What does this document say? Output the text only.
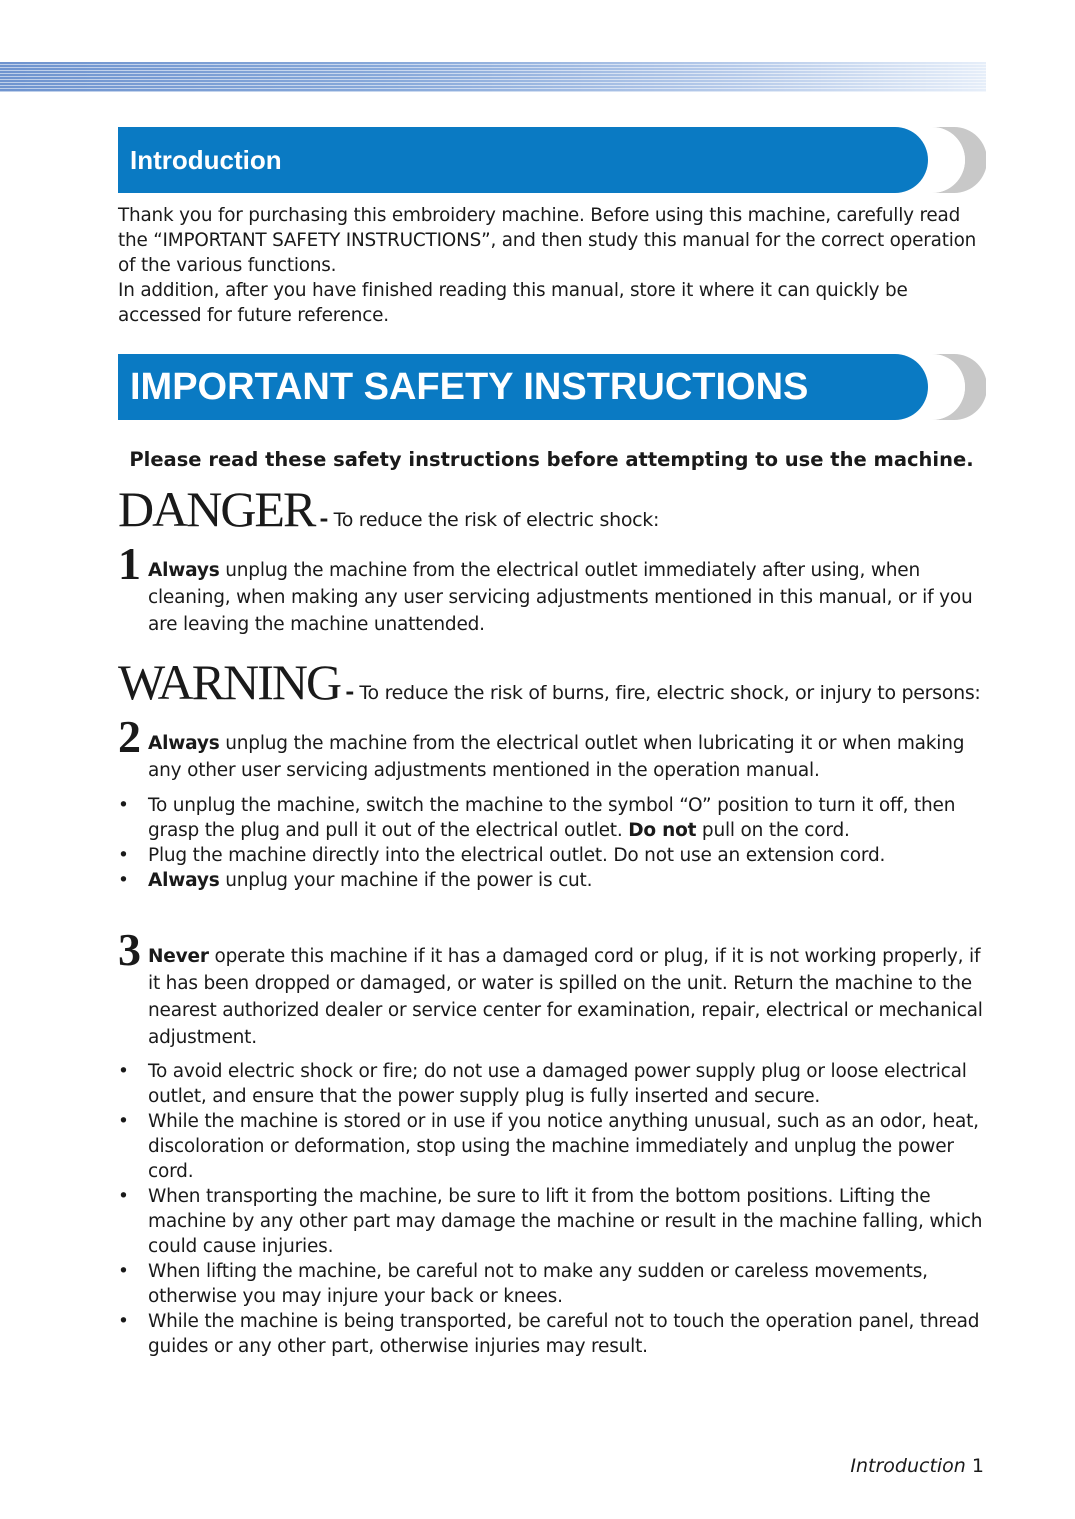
Introduction

Thank you for purchasing this embroidery machine. Before using this machine, carefully read the “IMPORTANT SAFETY INSTRUCTIONS”, and then study this manual for the correct operation of the various functions.

In addition, after you have finished reading this manual, store it where it can quickly be accessed for future reference.

IMPORTANT SAFETY INSTRUCTIONS

Please read these safety instructions before attempting to use the machine.

DANGER - To reduce the risk of electric shock:
1 Always unplug the machine from the electrical outlet immediately after using, when cleaning, when making any user servicing adjustments mentioned in this manual, or if you are leaving the machine unattended.
WARNING - To reduce the risk of burns, fire, electric shock, or injury to persons:
2 Always unplug the machine from the electrical outlet when lubricating it or when making any other user servicing adjustments mentioned in the operation manual.
• To unplug the machine, switch the machine to the symbol “O” position to turn it off, then grasp the plug and pull it out of the electrical outlet. Do not pull on the cord.
• Plug the machine directly into the electrical outlet. Do not use an extension cord.
• Always unplug your machine if the power is cut.
3 Never operate this machine if it has a damaged cord or plug, if it is not working properly, if it has been dropped or damaged, or water is spilled on the unit. Return the machine to the nearest authorized dealer or service center for examination, repair, electrical or mechanical adjustment.
• To avoid electric shock or fire; do not use a damaged power supply plug or loose electrical outlet, and ensure that the power supply plug is fully inserted and secure.
• While the machine is stored or in use if you notice anything unusual, such as an odor, heat, discoloration or deformation, stop using the machine immediately and unplug the power cord.
• When transporting the machine, be sure to lift it from the bottom positions. Lifting the machine by any other part may damage the machine or result in the machine falling, which could cause injuries.
• When lifting the machine, be careful not to make any sudden or careless movements, otherwise you may injure your back or knees.
• While the machine is being transported, be careful not to touch the operation panel, thread guides or any other part, otherwise injuries may result.
Introduction 1
